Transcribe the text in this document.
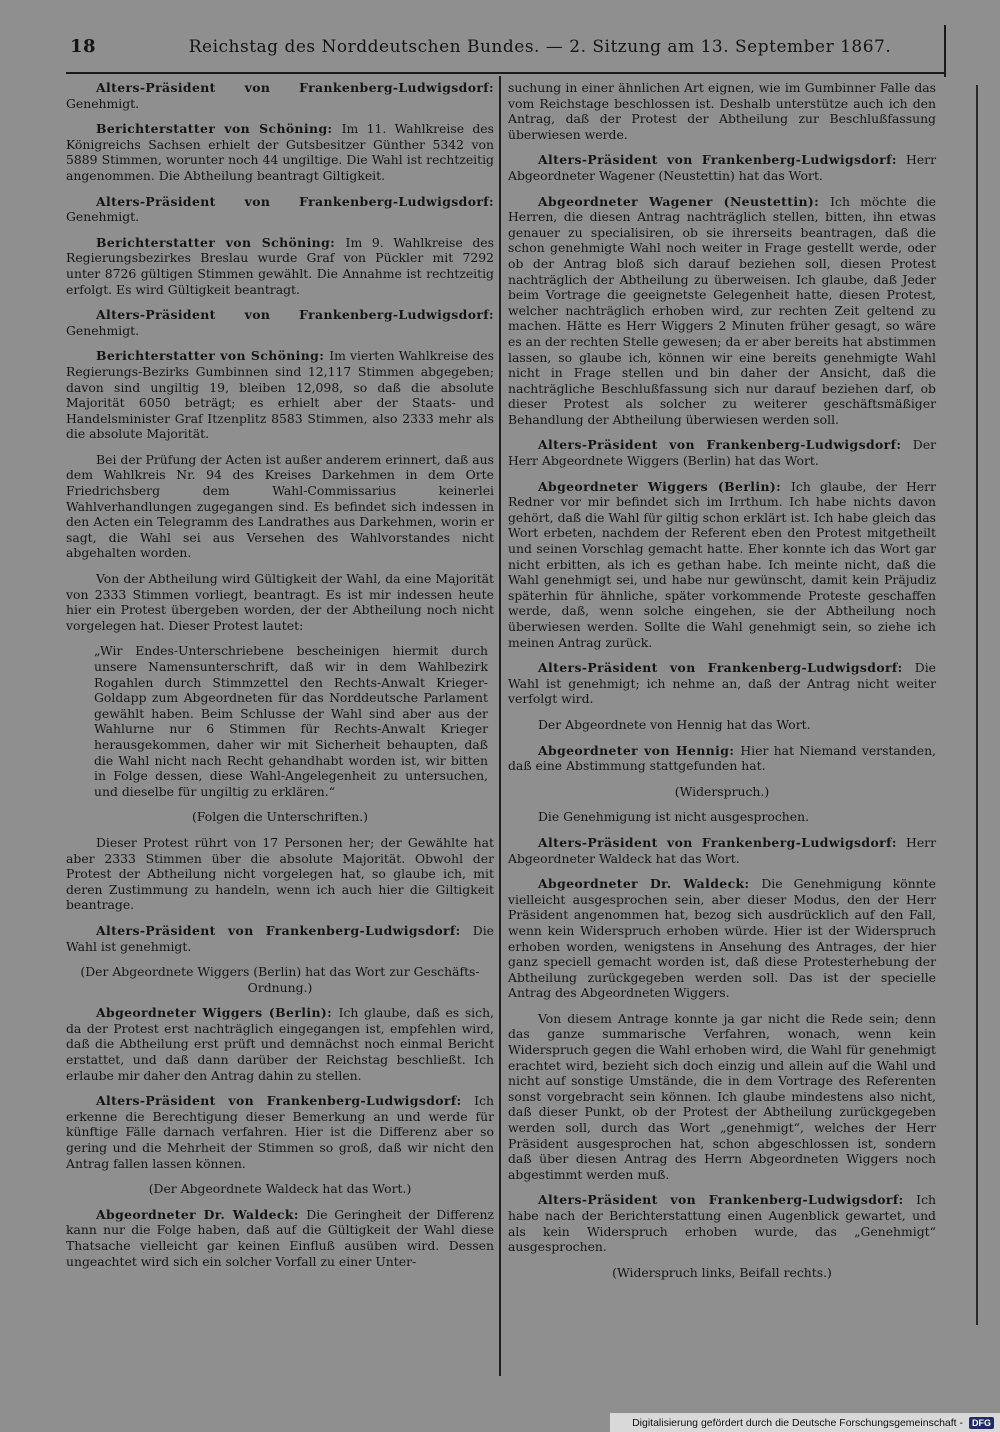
18	Reichstag des Norddeutschen Bundes. — 2. Sitzung am 13. September 1867.

Alters-Präsident von Frankenberg-Ludwigsdorf: Genehmigt.

Berichterstatter von Schöning: Im 11. Wahlkreise des Königreichs Sachsen erhielt der Gutsbesitzer Günther 5342 von 5889 Stimmen, worunter noch 44 ungiltige. Die Wahl ist rechtzeitig angenommen. Die Abtheilung beantragt Giltigkeit.

Alters-Präsident von Frankenberg-Ludwigsdorf: Genehmigt.

Berichterstatter von Schöning: Im 9. Wahlkreise des Regierungsbezirkes Breslau wurde Graf von Pückler mit 7292 unter 8726 gültigen Stimmen gewählt. Die Annahme ist rechtzeitig erfolgt. Es wird Gültigkeit beantragt.

Alters-Präsident von Frankenberg-Ludwigsdorf: Genehmigt.

Berichterstatter von Schöning: Im vierten Wahlkreise des Regierungs-Bezirks Gumbinnen sind 12,117 Stimmen abgegeben; davon sind ungiltig 19, bleiben 12,098, so daß die absolute Majorität 6050 beträgt; es erhielt aber der Staats- und Handelsminister Graf Itzenplitz 8583 Stimmen, also 2333 mehr als die absolute Majorität.

Bei der Prüfung der Acten ist außer anderem erinnert, daß aus dem Wahlkreis Nr. 94 des Kreises Darkehmen in dem Orte Friedrichsberg dem Wahl-Commissarius keinerlei Wahlverhandlungen zugegangen sind. Es befindet sich indessen in den Acten ein Telegramm des Landrathes aus Darkehmen, worin er sagt, die Wahl sei aus Versehen des Wahlvorstandes nicht abgehalten worden.

Von der Abtheilung wird Gültigkeit der Wahl, da eine Majorität von 2333 Stimmen vorliegt, beantragt. Es ist mir indessen heute hier ein Protest übergeben worden, der der Abtheilung noch nicht vorgelegen hat. Dieser Protest lautet:

„Wir Endes-Unterschriebene bescheinigen hiermit durch unsere Namensunterschrift, daß wir in dem Wahlbezirk Rogahlen durch Stimmzettel den Rechts-Anwalt Krieger-Goldapp zum Abgeordneten für das Norddeutsche Parlament gewählt haben. Beim Schlusse der Wahl sind aber aus der Wahlurne nur 6 Stimmen für Rechts-Anwalt Krieger herausgekommen, daher wir mit Sicherheit behaupten, daß die Wahl nicht nach Recht gehandhabt worden ist, wir bitten in Folge dessen, diese Wahl-Angelegenheit zu untersuchen, und dieselbe für ungiltig zu erklären.“

(Folgen die Unterschriften.)

Dieser Protest rührt von 17 Personen her; der Gewählte hat aber 2333 Stimmen über die absolute Majorität. Obwohl der Protest der Abtheilung nicht vorgelegen hat, so glaube ich, mit deren Zustimmung zu handeln, wenn ich auch hier die Giltigkeit beantrage.

Alters-Präsident von Frankenberg-Ludwigsdorf: Die Wahl ist genehmigt.

(Der Abgeordnete Wiggers (Berlin) hat das Wort zur Geschäfts-Ordnung.)

Abgeordneter Wiggers (Berlin): Ich glaube, daß es sich, da der Protest erst nachträglich eingegangen ist, empfehlen wird, daß die Abtheilung erst prüft und demnächst noch einmal Bericht erstattet, und daß dann darüber der Reichstag beschließt. Ich erlaube mir daher den Antrag dahin zu stellen.

Alters-Präsident von Frankenberg-Ludwigsdorf: Ich erkenne die Berechtigung dieser Bemerkung an und werde für künftige Fälle darnach verfahren. Hier ist die Differenz aber so gering und die Mehrheit der Stimmen so groß, daß wir nicht den Antrag fallen lassen können.

(Der Abgeordnete Waldeck hat das Wort.)

Abgeordneter Dr. Waldeck: Die Geringheit der Differenz kann nur die Folge haben, daß auf die Gültigkeit der Wahl diese Thatsache vielleicht gar keinen Einfluß ausüben wird. Dessen ungeachtet wird sich ein solcher Vorfall zu einer Unter-

suchung in einer ähnlichen Art eignen, wie im Gumbinner Falle das vom Reichstage beschlossen ist. Deshalb unterstütze auch ich den Antrag, daß der Protest der Abtheilung zur Beschlußfassung überwiesen werde.

Alters-Präsident von Frankenberg-Ludwigsdorf: Herr Abgeordneter Wagener (Neustettin) hat das Wort.

Abgeordneter Wagener (Neustettin): Ich möchte die Herren, die diesen Antrag nachträglich stellen, bitten, ihn etwas genauer zu specialisiren, ob sie ihrerseits beantragen, daß die schon genehmigte Wahl noch weiter in Frage gestellt werde, oder ob der Antrag bloß sich darauf beziehen soll, diesen Protest nachträglich der Abtheilung zu überweisen. Ich glaube, daß Jeder beim Vortrage die geeignetste Gelegenheit hatte, diesen Protest, welcher nachträglich erhoben wird, zur rechten Zeit geltend zu machen. Hätte es Herr Wiggers 2 Minuten früher gesagt, so wäre es an der rechten Stelle gewesen; da er aber bereits hat abstimmen lassen, so glaube ich, können wir eine bereits genehmigte Wahl nicht in Frage stellen und bin daher der Ansicht, daß die nachträgliche Beschlußfassung sich nur darauf beziehen darf, ob dieser Protest als solcher zu weiterer geschäftsmäßiger Behandlung der Abtheilung überwiesen werden soll.

Alters-Präsident von Frankenberg-Ludwigsdorf: Der Herr Abgeordnete Wiggers (Berlin) hat das Wort.

Abgeordneter Wiggers (Berlin): Ich glaube, der Herr Redner vor mir befindet sich im Irrthum. Ich habe nichts davon gehört, daß die Wahl für giltig schon erklärt ist. Ich habe gleich das Wort erbeten, nachdem der Referent eben den Protest mitgetheilt und seinen Vorschlag gemacht hatte. Eher konnte ich das Wort gar nicht erbitten, als ich es gethan habe. Ich meinte nicht, daß die Wahl genehmigt sei, und habe nur gewünscht, damit kein Präjudiz späterhin für ähnliche, später vorkommende Proteste geschaffen werde, daß, wenn solche eingehen, sie der Abtheilung noch überwiesen werden. Sollte die Wahl genehmigt sein, so ziehe ich meinen Antrag zurück.

Alters-Präsident von Frankenberg-Ludwigsdorf: Die Wahl ist genehmigt; ich nehme an, daß der Antrag nicht weiter verfolgt wird.

Der Abgeordnete von Hennig hat das Wort.

Abgeordneter von Hennig: Hier hat Niemand verstanden, daß eine Abstimmung stattgefunden hat.

(Widerspruch.)

Die Genehmigung ist nicht ausgesprochen.

Alters-Präsident von Frankenberg-Ludwigsdorf: Herr Abgeordneter Waldeck hat das Wort.

Abgeordneter Dr. Waldeck: Die Genehmigung könnte vielleicht ausgesprochen sein, aber dieser Modus, den der Herr Präsident angenommen hat, bezog sich ausdrücklich auf den Fall, wenn kein Widerspruch erhoben würde. Hier ist der Widerspruch erhoben worden, wenigstens in Ansehung des Antrages, der hier ganz speciell gemacht worden ist, daß diese Protesterhebung der Abtheilung zurückgegeben werden soll. Das ist der specielle Antrag des Abgeordneten Wiggers.

Von diesem Antrage konnte ja gar nicht die Rede sein; denn das ganze summarische Verfahren, wonach, wenn kein Widerspruch gegen die Wahl erhoben wird, die Wahl für genehmigt erachtet wird, bezieht sich doch einzig und allein auf die Wahl und nicht auf sonstige Umstände, die in dem Vortrage des Referenten sonst vorgebracht sein können. Ich glaube mindestens also nicht, daß dieser Punkt, ob der Protest der Abtheilung zurückgegeben werden soll, durch das Wort „genehmigt“, welches der Herr Präsident ausgesprochen hat, schon abgeschlossen ist, sondern daß über diesen Antrag des Herrn Abgeordneten Wiggers noch abgestimmt werden muß.

Alters-Präsident von Frankenberg-Ludwigsdorf: Ich habe nach der Berichterstattung einen Augenblick gewartet, und als kein Widerspruch erhoben wurde, das „Genehmigt“ ausgesprochen.

(Widerspruch links, Beifall rechts.)

Digitalisierung gefördert durch die Deutsche Forschungsgemeinschaft -	DFG
